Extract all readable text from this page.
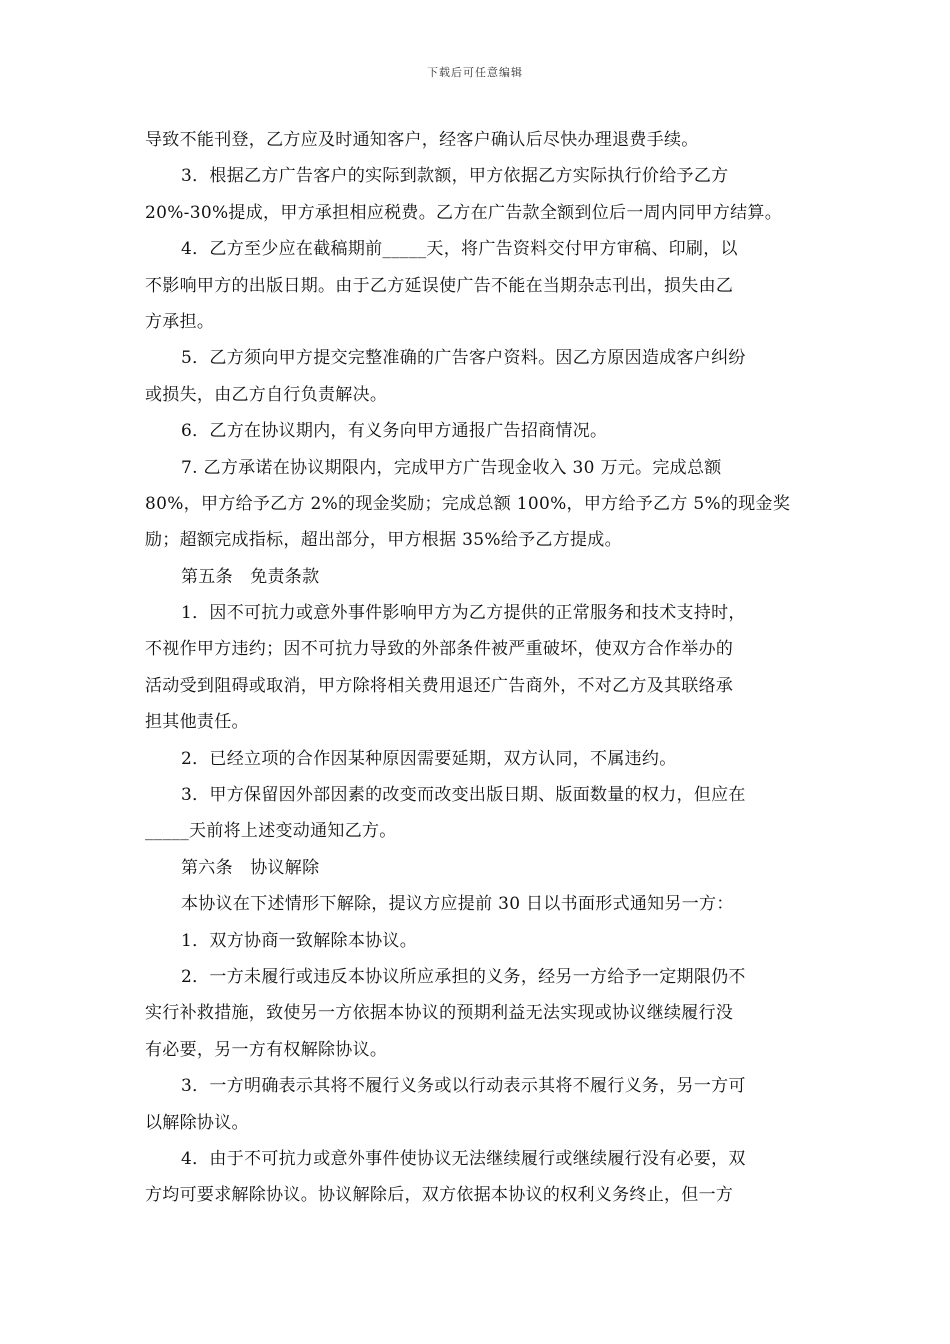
下载后可任意编辑
导致不能刊登，乙方应及时通知客户，经客户确认后尽快办理退费手续。
3．根据乙方广告客户的实际到款额，甲方依据乙方实际执行价给予乙方
20%-30%提成，甲方承担相应税费。乙方在广告款全额到位后一周内同甲方结算。
4．乙方至少应在截稿期前_____天，将广告资料交付甲方审稿、印刷，以
不影响甲方的出版日期。由于乙方延误使广告不能在当期杂志刊出，损失由乙
方承担。
5．乙方须向甲方提交完整准确的广告客户资料。因乙方原因造成客户纠纷
或损失，由乙方自行负责解决。
6．乙方在协议期内，有义务向甲方通报广告招商情况。
7. 乙方承诺在协议期限内，完成甲方广告现金收入 30 万元。完成总额
80%，甲方给予乙方 2%的现金奖励；完成总额 100%，甲方给予乙方 5%的现金奖
励；超额完成指标，超出部分，甲方根据 35%给予乙方提成。
第五条　免责条款
1．因不可抗力或意外事件影响甲方为乙方提供的正常服务和技术支持时，
不视作甲方违约；因不可抗力导致的外部条件被严重破坏，使双方合作举办的
活动受到阻碍或取消，甲方除将相关费用退还广告商外，不对乙方及其联络承
担其他责任。
2．已经立项的合作因某种原因需要延期，双方认同，不属违约。
3．甲方保留因外部因素的改变而改变出版日期、版面数量的权力，但应在
_____天前将上述变动通知乙方。
第六条　协议解除
本协议在下述情形下解除，提议方应提前 30 日以书面形式通知另一方：
1．双方协商一致解除本协议。
2．一方未履行或违反本协议所应承担的义务，经另一方给予一定期限仍不
实行补救措施，致使另一方依据本协议的预期利益无法实现或协议继续履行没
有必要，另一方有权解除协议。
3．一方明确表示其将不履行义务或以行动表示其将不履行义务，另一方可
以解除协议。
4．由于不可抗力或意外事件使协议无法继续履行或继续履行没有必要，双
方均可要求解除协议。协议解除后，双方依据本协议的权利义务终止，但一方
